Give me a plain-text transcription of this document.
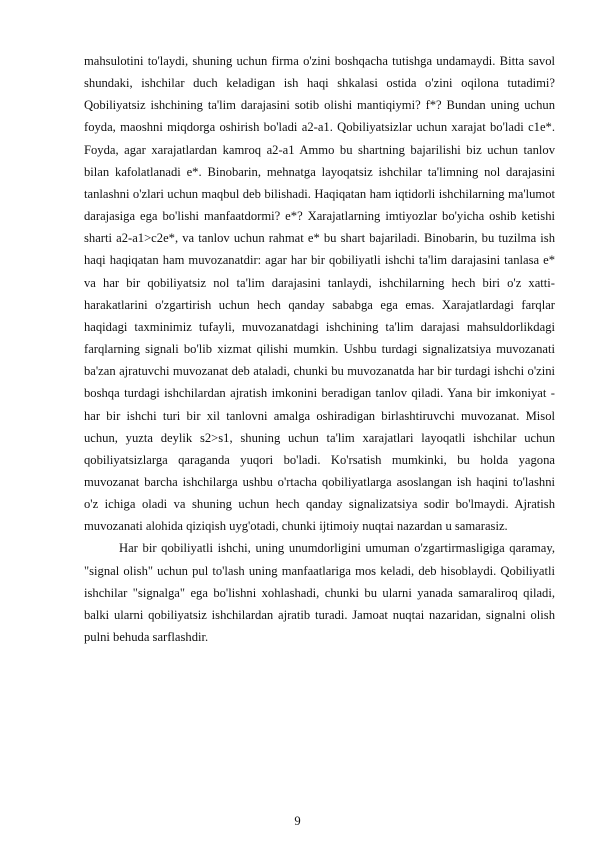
mahsulotini to'laydi, shuning uchun firma o'zini boshqacha tutishga undamaydi. Bitta savol shundaki, ishchilar duch keladigan ish haqi shkalasi ostida o'zini oqilona tutadimi? Qobiliyatsiz ishchining ta'lim darajasini sotib olishi mantiqiymi? f*? Bundan uning uchun foyda, maoshni miqdorga oshirish bo'ladi a2-a1. Qobiliyatsizlar uchun xarajat bo'ladi c1e*. Foyda, agar xarajatlardan kamroq a2-a1 Ammo bu shartning bajarilishi biz uchun tanlov bilan kafolatlanadi e*. Binobarin, mehnatga layoqatsiz ishchilar ta'limning nol darajasini tanlashni o'zlari uchun maqbul deb bilishadi. Haqiqatan ham iqtidorli ishchilarning ma'lumot darajasiga ega bo'lishi manfaatdormi? e*? Xarajatlarning imtiyozlar bo'yicha oshib ketishi sharti a2-a1>c2e*, va tanlov uchun rahmat e* bu shart bajariladi. Binobarin, bu tuzilma ish haqi haqiqatan ham muvozanatdir: agar har bir qobiliyatli ishchi ta'lim darajasini tanlasa e* va har bir qobiliyatsiz nol ta'lim darajasini tanlaydi, ishchilarning hech biri o'z xatti-harakatlarini o'zgartirish uchun hech qanday sababga ega emas. Xarajatlardagi farqlar haqidagi taxminimiz tufayli, muvozanatdagi ishchining ta'lim darajasi mahsuldorlikdagi farqlarning signali bo'lib xizmat qilishi mumkin. Ushbu turdagi signalizatsiya muvozanati ba'zan ajratuvchi muvozanat deb ataladi, chunki bu muvozanatda har bir turdagi ishchi o'zini boshqa turdagi ishchilardan ajratish imkonini beradigan tanlov qiladi. Yana bir imkoniyat - har bir ishchi turi bir xil tanlovni amalga oshiradigan birlashtiruvchi muvozanat. Misol uchun, yuzta deylik s2>s1, shuning uchun ta'lim xarajatlari layoqatli ishchilar uchun qobiliyatsizlarga qaraganda yuqori bo'ladi. Ko'rsatish mumkinki, bu holda yagona muvozanat barcha ishchilarga ushbu o'rtacha qobiliyatlarga asoslangan ish haqini to'lashni o'z ichiga oladi va shuning uchun hech qanday signalizatsiya sodir bo'lmaydi. Ajratish muvozanati alohida qiziqish uyg'otadi, chunki ijtimoiy nuqtai nazardan u samarasiz.

Har bir qobiliyatli ishchi, uning unumdorligini umuman o'zgartirmasligiga qaramay, "signal olish" uchun pul to'lash uning manfaatlariga mos keladi, deb hisoblaydi. Qobiliyatli ishchilar "signalga" ega bo'lishni xohlashadi, chunki bu ularni yanada samaraliroq qiladi, balki ularni qobiliyatsiz ishchilardan ajratib turadi. Jamoat nuqtai nazaridan, signalni olish pulni behuda sarflashdir.

9
